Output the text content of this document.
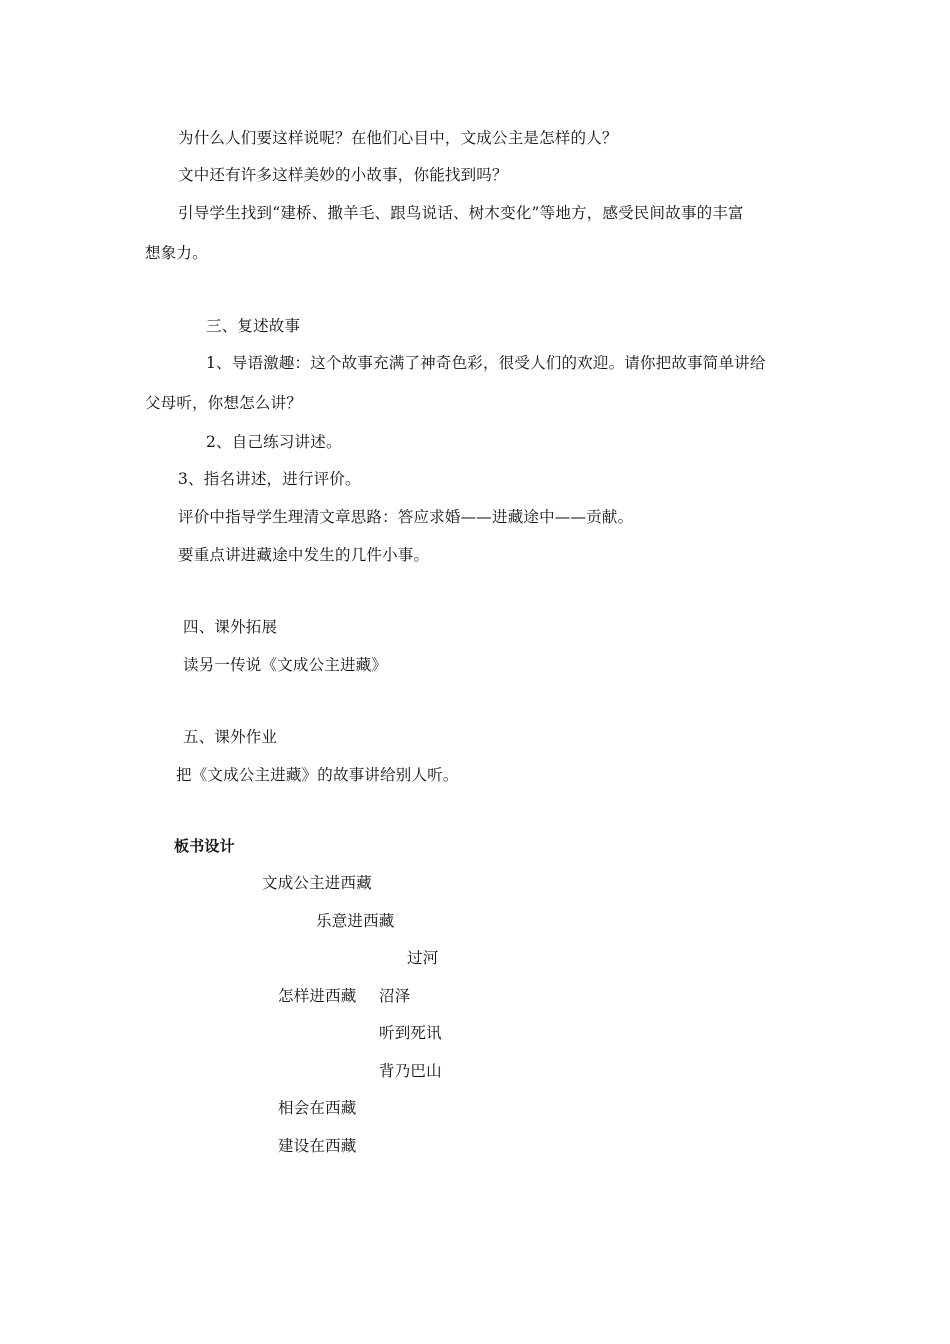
为什么人们要这样说呢？在他们心目中，文成公主是怎样的人？
文中还有许多这样美妙的小故事，你能找到吗？
引导学生找到“建桥、撒羊毛、跟鸟说话、树木变化”等地方，感受民间故事的丰富
想象力。
三、复述故事
1、导语激趣：这个故事充满了神奇色彩，很受人们的欢迎。请你把故事简单讲给
父母听，你想怎么讲？
2、自己练习讲述。
3、指名讲述，进行评价。
评价中指导学生理清文章思路：答应求婚——进藏途中——贡献。
要重点讲进藏途中发生的几件小事。
四、课外拓展
读另一传说《文成公主进藏》
五、课外作业
把《文成公主进藏》的故事讲给别人听。
板书设计
文成公主进西藏
乐意进西藏
过河
怎样进西藏 沼泽
听到死讯
背乃巴山
相会在西藏
建设在西藏
